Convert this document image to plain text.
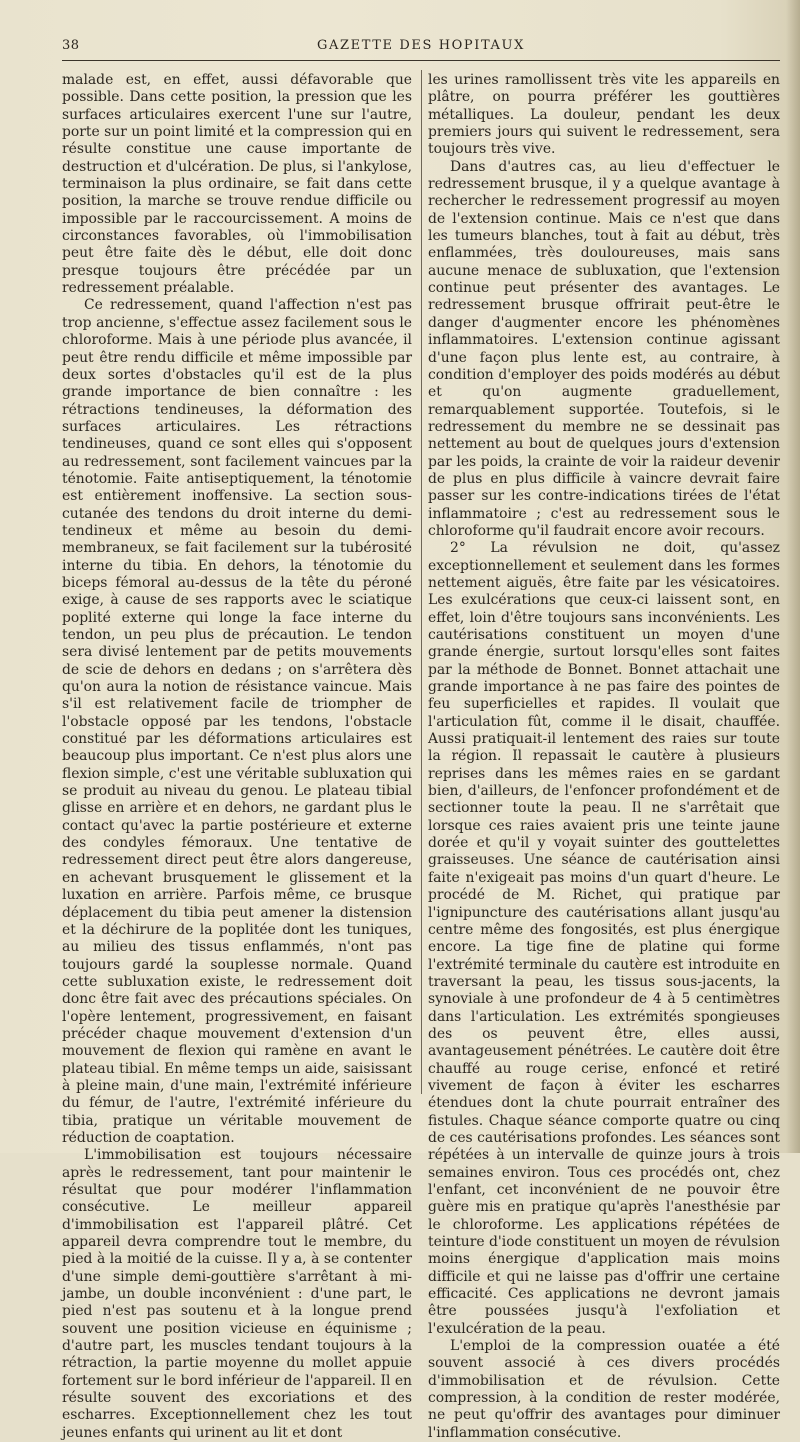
38	GAZETTE DES HOPITAUX

malade est, en effet, aussi défavorable que possible. Dans cette position, la pression que les surfaces articulaires exercent l'une sur l'autre, porte sur un point limité et la compression qui en résulte constitue une cause importante de destruction et d'ulcération. De plus, si l'ankylose, terminaison la plus ordinaire, se fait dans cette position, la marche se trouve rendue difficile ou impossible par le raccourcissement. A moins de circonstances favorables, où l'immobilisation peut être faite dès le début, elle doit donc presque toujours être précédée par un redressement préalable.

Ce redressement, quand l'affection n'est pas trop ancienne, s'effectue assez facilement sous le chloroforme. Mais à une période plus avancée, il peut être rendu difficile et même impossible par deux sortes d'obstacles qu'il est de la plus grande importance de bien connaître : les rétractions tendineuses, la déformation des surfaces articulaires. Les rétractions tendineuses, quand ce sont elles qui s'opposent au redressement, sont facilement vaincues par la ténotomie. Faite antiseptiquement, la ténotomie est entièrement inoffensive. La section sous-cutanée des tendons du droit interne du demi-tendineux et même au besoin du demi-membraneux, se fait facilement sur la tubérosité interne du tibia. En dehors, la ténotomie du biceps fémoral au-dessus de la tête du péroné exige, à cause de ses rapports avec le sciatique poplité externe qui longe la face interne du tendon, un peu plus de précaution. Le tendon sera divisé lentement par de petits mouvements de scie de dehors en dedans ; on s'arrêtera dès qu'on aura la notion de résistance vaincue. Mais s'il est relativement facile de triompher de l'obstacle opposé par les tendons, l'obstacle constitué par les déformations articulaires est beaucoup plus important. Ce n'est plus alors une flexion simple, c'est une véritable subluxation qui se produit au niveau du genou. Le plateau tibial glisse en arrière et en dehors, ne gardant plus le contact qu'avec la partie postérieure et externe des condyles fémoraux. Une tentative de redressement direct peut être alors dangereuse, en achevant brusquement le glissement et la luxation en arrière. Parfois même, ce brusque déplacement du tibia peut amener la distension et la déchirure de la poplitée dont les tuniques, au milieu des tissus enflammés, n'ont pas toujours gardé la souplesse normale. Quand cette subluxation existe, le redressement doit donc être fait avec des précautions spéciales. On l'opère lentement, progressivement, en faisant précéder chaque mouvement d'extension d'un mouvement de flexion qui ramène en avant le plateau tibial. En même temps un aide, saisissant à pleine main, d'une main, l'extrémité inférieure du fémur, de l'autre, l'extrémité inférieure du tibia, pratique un véritable mouvement de réduction de coaptation.

L'immobilisation est toujours nécessaire après le redressement, tant pour maintenir le résultat que pour modérer l'inflammation consécutive. Le meilleur appareil d'immobilisation est l'appareil plâtré. Cet appareil devra comprendre tout le membre, du pied à la moitié de la cuisse. Il y a, à se contenter d'une simple demi-gouttière s'arrêtant à mi-jambe, un double inconvénient : d'une part, le pied n'est pas soutenu et à la longue prend souvent une position vicieuse en équinisme ; d'autre part, les muscles tendant toujours à la rétraction, la partie moyenne du mollet appuie fortement sur le bord inférieur de l'appareil. Il en résulte souvent des excoriations et des escharres. Exceptionnellement chez les tout jeunes enfants qui urinent au lit et dont

les urines ramollissent très vite les appareils en plâtre, on pourra préférer les gouttières métalliques. La douleur, pendant les deux premiers jours qui suivent le redressement, sera toujours très vive.

Dans d'autres cas, au lieu d'effectuer le redressement brusque, il y a quelque avantage à rechercher le redressement progressif au moyen de l'extension continue. Mais ce n'est que dans les tumeurs blanches, tout à fait au début, très enflammées, très douloureuses, mais sans aucune menace de subluxation, que l'extension continue peut présenter des avantages. Le redressement brusque offrirait peut-être le danger d'augmenter encore les phénomènes inflammatoires. L'extension continue agissant d'une façon plus lente est, au contraire, à condition d'employer des poids modérés au début et qu'on augmente graduellement, remarquablement supportée. Toutefois, si le redressement du membre ne se dessinait pas nettement au bout de quelques jours d'extension par les poids, la crainte de voir la raideur devenir de plus en plus difficile à vaincre devrait faire passer sur les contre-indications tirées de l'état inflammatoire ; c'est au redressement sous le chloroforme qu'il faudrait encore avoir recours.

2° La révulsion ne doit, qu'assez exceptionnellement et seulement dans les formes nettement aiguës, être faite par les vésicatoires. Les exulcérations que ceux-ci laissent sont, en effet, loin d'être toujours sans inconvénients. Les cautérisations constituent un moyen d'une grande énergie, surtout lorsqu'elles sont faites par la méthode de Bonnet. Bonnet attachait une grande importance à ne pas faire des pointes de feu superficielles et rapides. Il voulait que l'articulation fût, comme il le disait, chauffée. Aussi pratiquait-il lentement des raies sur toute la région. Il repassait le cautère à plusieurs reprises dans les mêmes raies en se gardant bien, d'ailleurs, de l'enfoncer profondément et de sectionner toute la peau. Il ne s'arrêtait que lorsque ces raies avaient pris une teinte jaune dorée et qu'il y voyait suinter des gouttelettes graisseuses. Une séance de cautérisation ainsi faite n'exigeait pas moins d'un quart d'heure. Le procédé de M. Richet, qui pratique par l'ignipuncture des cautérisations allant jusqu'au centre même des fongosités, est plus énergique encore. La tige fine de platine qui forme l'extrémité terminale du cautère est introduite en traversant la peau, les tissus sous-jacents, la synoviale à une profondeur de 4 à 5 centimètres dans l'articulation. Les extrémités spongieuses des os peuvent être, elles aussi, avantageusement pénétrées. Le cautère doit être chauffé au rouge cerise, enfoncé et retiré vivement de façon à éviter les escharres étendues dont la chute pourrait entraîner des fistules. Chaque séance comporte quatre ou cinq de ces cautérisations profondes. Les séances sont répétées à un intervalle de quinze jours à trois semaines environ. Tous ces procédés ont, chez l'enfant, cet inconvénient de ne pouvoir être guère mis en pratique qu'après l'anesthésie par le chloroforme. Les applications répétées de teinture d'iode constituent un moyen de révulsion moins énergique d'application mais moins difficile et qui ne laisse pas d'offrir une certaine efficacité. Ces applications ne devront jamais être poussées jusqu'à l'exfoliation et l'exulcération de la peau.

L'emploi de la compression ouatée a été souvent associé à ces divers procédés d'immobilisation et de révulsion. Cette compression, à la condition de rester modérée, ne peut qu'offrir des avantages pour diminuer l'inflammation consécutive.
